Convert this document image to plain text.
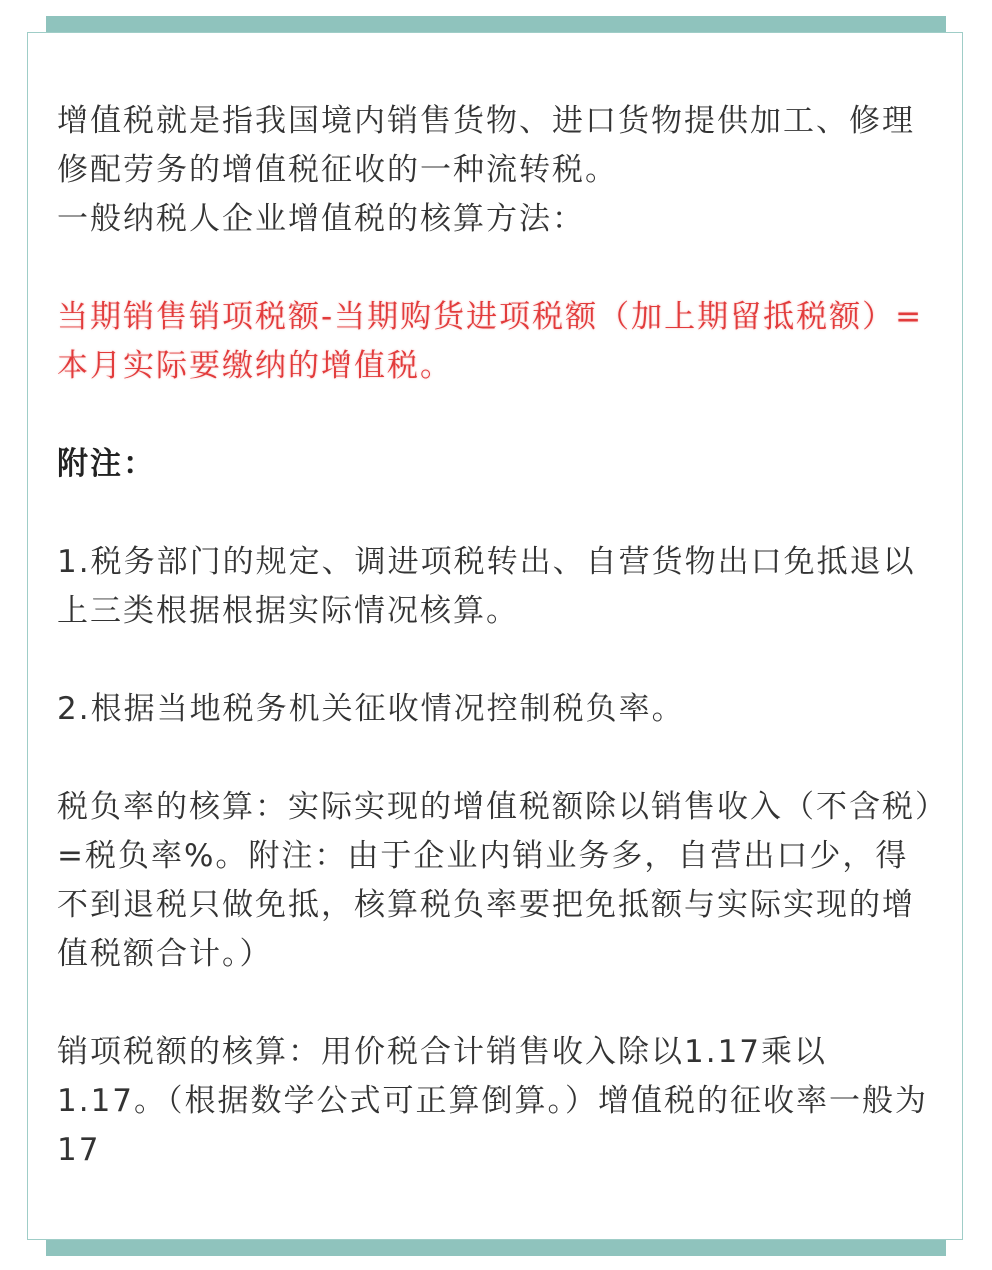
增值税就是指我国境内销售货物、进口货物提供加工、修理修配劳务的增值税征收的一种流转税。

一般纳税人企业增值税的核算方法：

当期销售销项税额-当期购货进项税额（加上期留抵税额）=本月实际要缴纳的增值税。

附注：

1.税务部门的规定、调进项税转出、自营货物出口免抵退以上三类根据根据实际情况核算。

2.根据当地税务机关征收情况控制税负率。

税负率的核算：实际实现的增值税额除以销售收入（不含税）=税负率%。附注：由于企业内销业务多，自营出口少，得不到退税只做免抵，核算税负率要把免抵额与实际实现的增值税额合计。）

销项税额的核算：用价税合计销售收入除以1.17乘以1.17。（根据数学公式可正算倒算。）增值税的征收率一般为17
